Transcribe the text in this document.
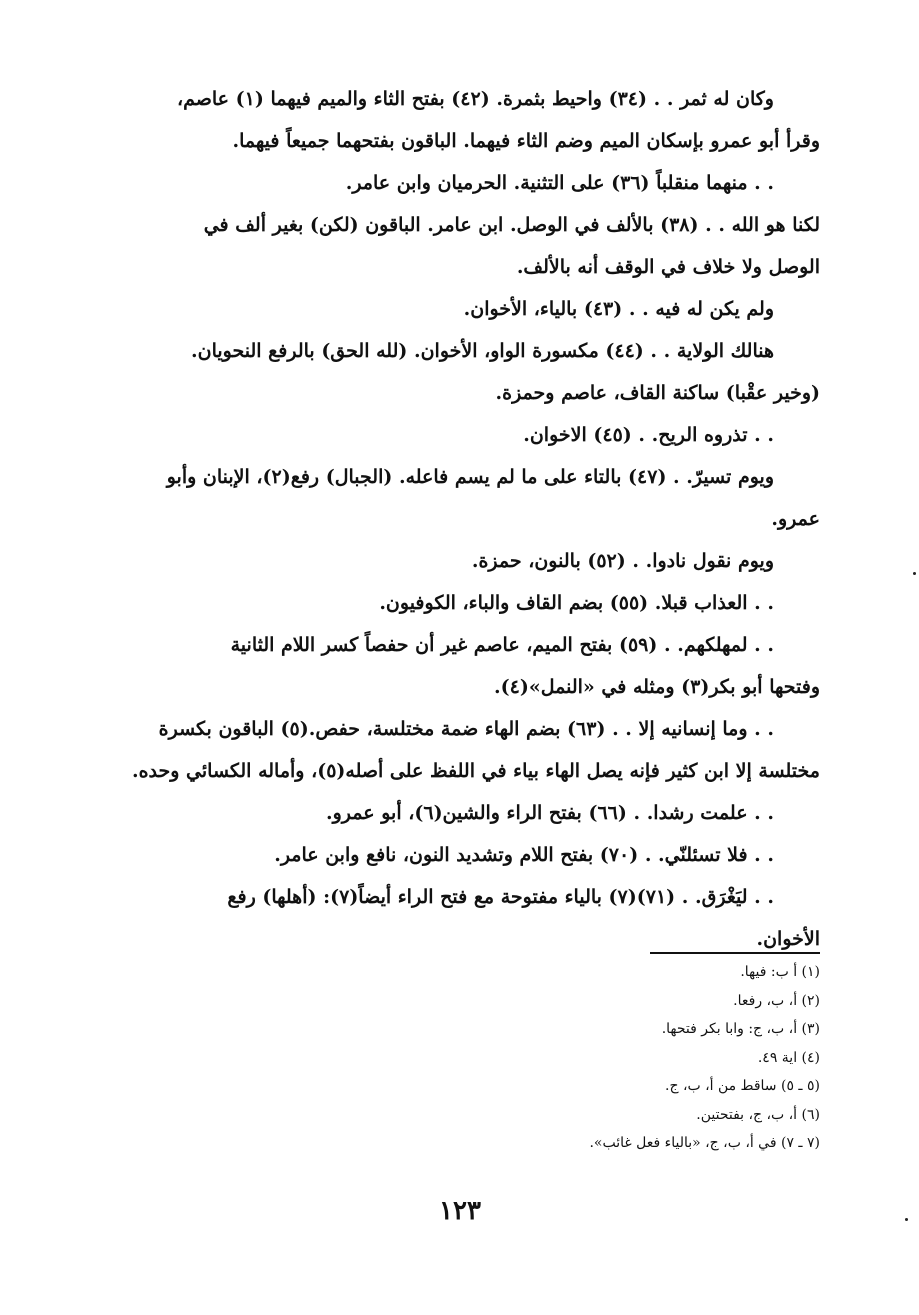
وكان له ثمر . . (٣٤) واحيط بثمرة. (٤٢) بفتح الثاء والميم فيهما (١) عاصم،
وقرأ أبو عمرو بإسكان الميم وضم الثاء فيهما. الباقون بفتحهما جميعاً فيهما.
. . منهما منقلباً (٣٦) على التثنية. الحرميان وابن عامر.
لكنا هو الله . . (٣٨) بالألف في الوصل. ابن عامر. الباقون (لكن) بغير ألف في
الوصل ولا خلاف في الوقف أنه بالألف.
ولم يكن له فيه . . (٤٣) بالياء، الأخوان.
هنالك الولاية . . (٤٤) مكسورة الواو، الأخوان. (لله الحق) بالرفع النحويان.
(وخير عقْبا) ساكنة القاف، عاصم وحمزة.
. . تذروه الريح. . (٤٥) الاخوان.
ويوم تسيرّ. . (٤٧) بالتاء على ما لم يسم فاعله. (الجبال) رفع(٢)، الإبنان وأبو
عمرو.
ويوم نقول نادوا. . (٥٢) بالنون، حمزة.
. . العذاب قبلا. (٥٥) بضم القاف والباء، الكوفيون.
. . لمهلكهم. . (٥٩) بفتح الميم، عاصم غير أن حفصاً كسر اللام الثانية
وفتحها أبو بكر(٣) ومثله في «النمل»(٤).
. . وما إنسانيه إلا . . (٦٣) بضم الهاء ضمة مختلسة، حفص.(٥) الباقون بكسرة
مختلسة إلا ابن كثير فإنه يصل الهاء بياء في اللفظ على أصله(٥)، وأماله الكسائي وحده.
. . علمت رشدا. . (٦٦) بفتح الراء والشين(٦)، أبو عمرو.
. . فلا تسئلنّي. . (٧٠) بفتح اللام وتشديد النون، نافع وابن عامر.
. . ليَغْرَق. . (٧١)(٧) بالياء مفتوحة مع فتح الراء أيضاً(٧): (أهلها) رفع
الأخوان.
(١) أ ب: فيها.
(٢) أ، ب، رفعا.
(٣) أ، ب، ج: وابا بكر فتحها.
(٤) اية ٤٩.
(٥ ـ ٥) ساقط من أ، ب، ج.
(٦) أ، ب، ج، بفتحتين.
(٧ ـ ٧) في أ، ب، ج، «بالياء فعل غائب».
١٢٣
